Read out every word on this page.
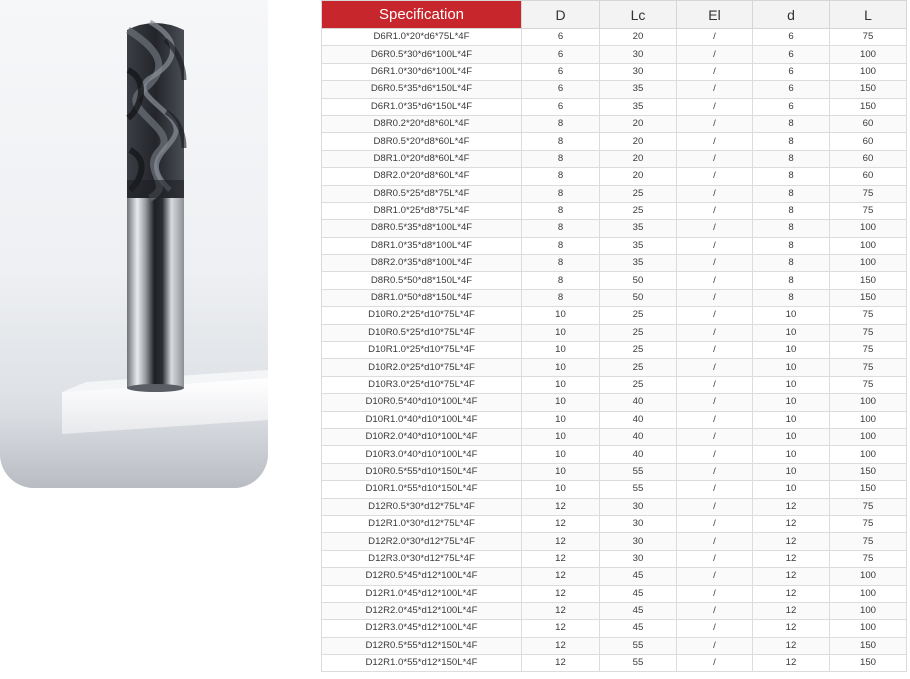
Specification	D	Lc	El	d	L
D6R1.0*20*d6*75L*4F	6	20	/	6	75
D6R0.5*30*d6*100L*4F	6	30	/	6	100
D6R1.0*30*d6*100L*4F	6	30	/	6	100
D6R0.5*35*d6*150L*4F	6	35	/	6	150
D6R1.0*35*d6*150L*4F	6	35	/	6	150
D8R0.2*20*d8*60L*4F	8	20	/	8	60
D8R0.5*20*d8*60L*4F	8	20	/	8	60
D8R1.0*20*d8*60L*4F	8	20	/	8	60
D8R2.0*20*d8*60L*4F	8	20	/	8	60
D8R0.5*25*d8*75L*4F	8	25	/	8	75
D8R1.0*25*d8*75L*4F	8	25	/	8	75
D8R0.5*35*d8*100L*4F	8	35	/	8	100
D8R1.0*35*d8*100L*4F	8	35	/	8	100
D8R2.0*35*d8*100L*4F	8	35	/	8	100
D8R0.5*50*d8*150L*4F	8	50	/	8	150
D8R1.0*50*d8*150L*4F	8	50	/	8	150
D10R0.2*25*d10*75L*4F	10	25	/	10	75
D10R0.5*25*d10*75L*4F	10	25	/	10	75
D10R1.0*25*d10*75L*4F	10	25	/	10	75
D10R2.0*25*d10*75L*4F	10	25	/	10	75
D10R3.0*25*d10*75L*4F	10	25	/	10	75
D10R0.5*40*d10*100L*4F	10	40	/	10	100
D10R1.0*40*d10*100L*4F	10	40	/	10	100
D10R2.0*40*d10*100L*4F	10	40	/	10	100
D10R3.0*40*d10*100L*4F	10	40	/	10	100
D10R0.5*55*d10*150L*4F	10	55	/	10	150
D10R1.0*55*d10*150L*4F	10	55	/	10	150
D12R0.5*30*d12*75L*4F	12	30	/	12	75
D12R1.0*30*d12*75L*4F	12	30	/	12	75
D12R2.0*30*d12*75L*4F	12	30	/	12	75
D12R3.0*30*d12*75L*4F	12	30	/	12	75
D12R0.5*45*d12*100L*4F	12	45	/	12	100
D12R1.0*45*d12*100L*4F	12	45	/	12	100
D12R2.0*45*d12*100L*4F	12	45	/	12	100
D12R3.0*45*d12*100L*4F	12	45	/	12	100
D12R0.5*55*d12*150L*4F	12	55	/	12	150
D12R1.0*55*d12*150L*4F	12	55	/	12	150
